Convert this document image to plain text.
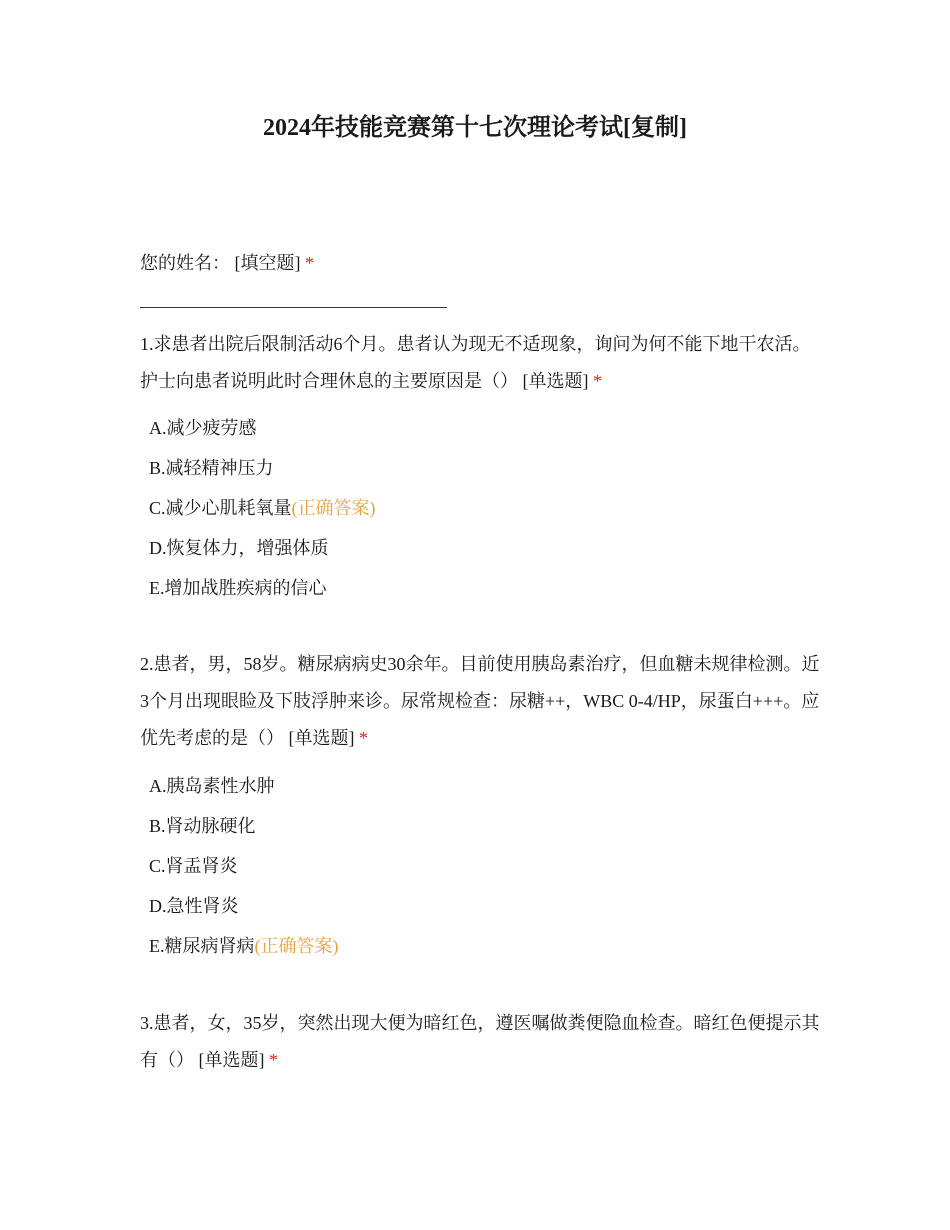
2024年技能竞赛第十七次理论考试[复制]
您的姓名： [填空题] *
1.求患者出院后限制活动6个月。患者认为现无不适现象，询问为何不能下地干农活。护士向患者说明此时合理休息的主要原因是（） [单选题] *
A.减少疲劳感
B.减轻精神压力
C.减少心肌耗氧量(正确答案)
D.恢复体力，增强体质
E.增加战胜疾病的信心
2.患者，男，58岁。糖尿病病史30余年。目前使用胰岛素治疗，但血糖未规律检测。近3个月出现眼睑及下肢浮肿来诊。尿常规检查：尿糖++，WBC 0-4/HP，尿蛋白+++。应优先考虑的是（） [单选题] *
A.胰岛素性水肿
B.肾动脉硬化
C.肾盂肾炎
D.急性肾炎
E.糖尿病肾病(正确答案)
3.患者，女，35岁，突然出现大便为暗红色，遵医嘱做粪便隐血检查。暗红色便提示其有（） [单选题] *
